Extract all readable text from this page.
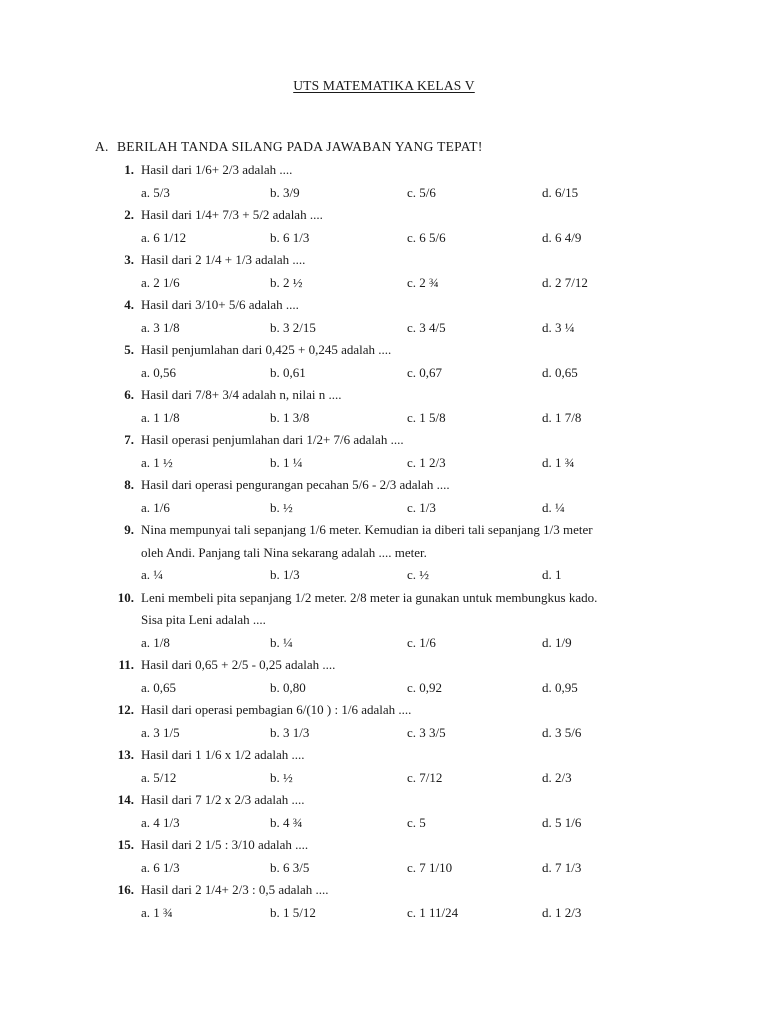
UTS MATEMATIKA KELAS V
A. BERILAH TANDA SILANG PADA JAWABAN YANG TEPAT!
1. Hasil dari 1/6+ 2/3 adalah ....
a. 5/3	b. 3/9	c. 5/6	d. 6/15
2. Hasil dari 1/4+ 7/3 + 5/2 adalah ....
a. 6 1/12	b. 6 1/3	c. 6 5/6	d. 6 4/9
3. Hasil dari 2 1/4 + 1/3 adalah ....
a. 2 1/6	b. 2 ½	c. 2 ¾	d. 2 7/12
4. Hasil dari 3/10+ 5/6 adalah ....
a. 3 1/8	b. 3 2/15	c. 3 4/5	d. 3 ¼
5. Hasil penjumlahan dari 0,425 + 0,245 adalah ....
a. 0,56	b. 0,61	c. 0,67	d. 0,65
6. Hasil dari 7/8+ 3/4 adalah n, nilai n ....
a. 1 1/8	b. 1 3/8	c. 1 5/8	d. 1 7/8
7. Hasil operasi penjumlahan dari 1/2+ 7/6 adalah ....
a. 1 ½	b. 1 ¼	c. 1 2/3	d. 1 ¾
8. Hasil dari operasi pengurangan pecahan 5/6 - 2/3 adalah ....
a. 1/6	b. ½	c. 1/3	d. ¼
9. Nina mempunyai tali sepanjang 1/6 meter. Kemudian ia diberi tali sepanjang 1/3 meter
oleh Andi. Panjang tali Nina sekarang adalah .... meter.
a. ¼	b. 1/3	c. ½	d. 1
10. Leni membeli pita sepanjang 1/2 meter. 2/8 meter ia gunakan untuk membungkus kado.
Sisa pita Leni adalah ....
a. 1/8	b. ¼	c. 1/6	d. 1/9
11. Hasil dari 0,65 + 2/5 - 0,25 adalah ....
a. 0,65	b. 0,80	c. 0,92	d. 0,95
12. Hasil dari operasi pembagian 6/(10 ) : 1/6 adalah ....
a. 3 1/5	b. 3 1/3	c. 3 3/5	d. 3 5/6
13. Hasil dari 1 1/6 x 1/2 adalah ....
a. 5/12	b. ½	c. 7/12	d. 2/3
14. Hasil dari 7 1/2 x 2/3 adalah ....
a. 4 1/3	b. 4 ¾	c. 5	d. 5 1/6
15. Hasil dari 2 1/5 : 3/10 adalah ....
a. 6 1/3	b. 6 3/5	c. 7 1/10	d. 7 1/3
16. Hasil dari 2 1/4+ 2/3 : 0,5 adalah ....
a. 1 ¾	b. 1 5/12	c. 1 11/24	d. 1 2/3
